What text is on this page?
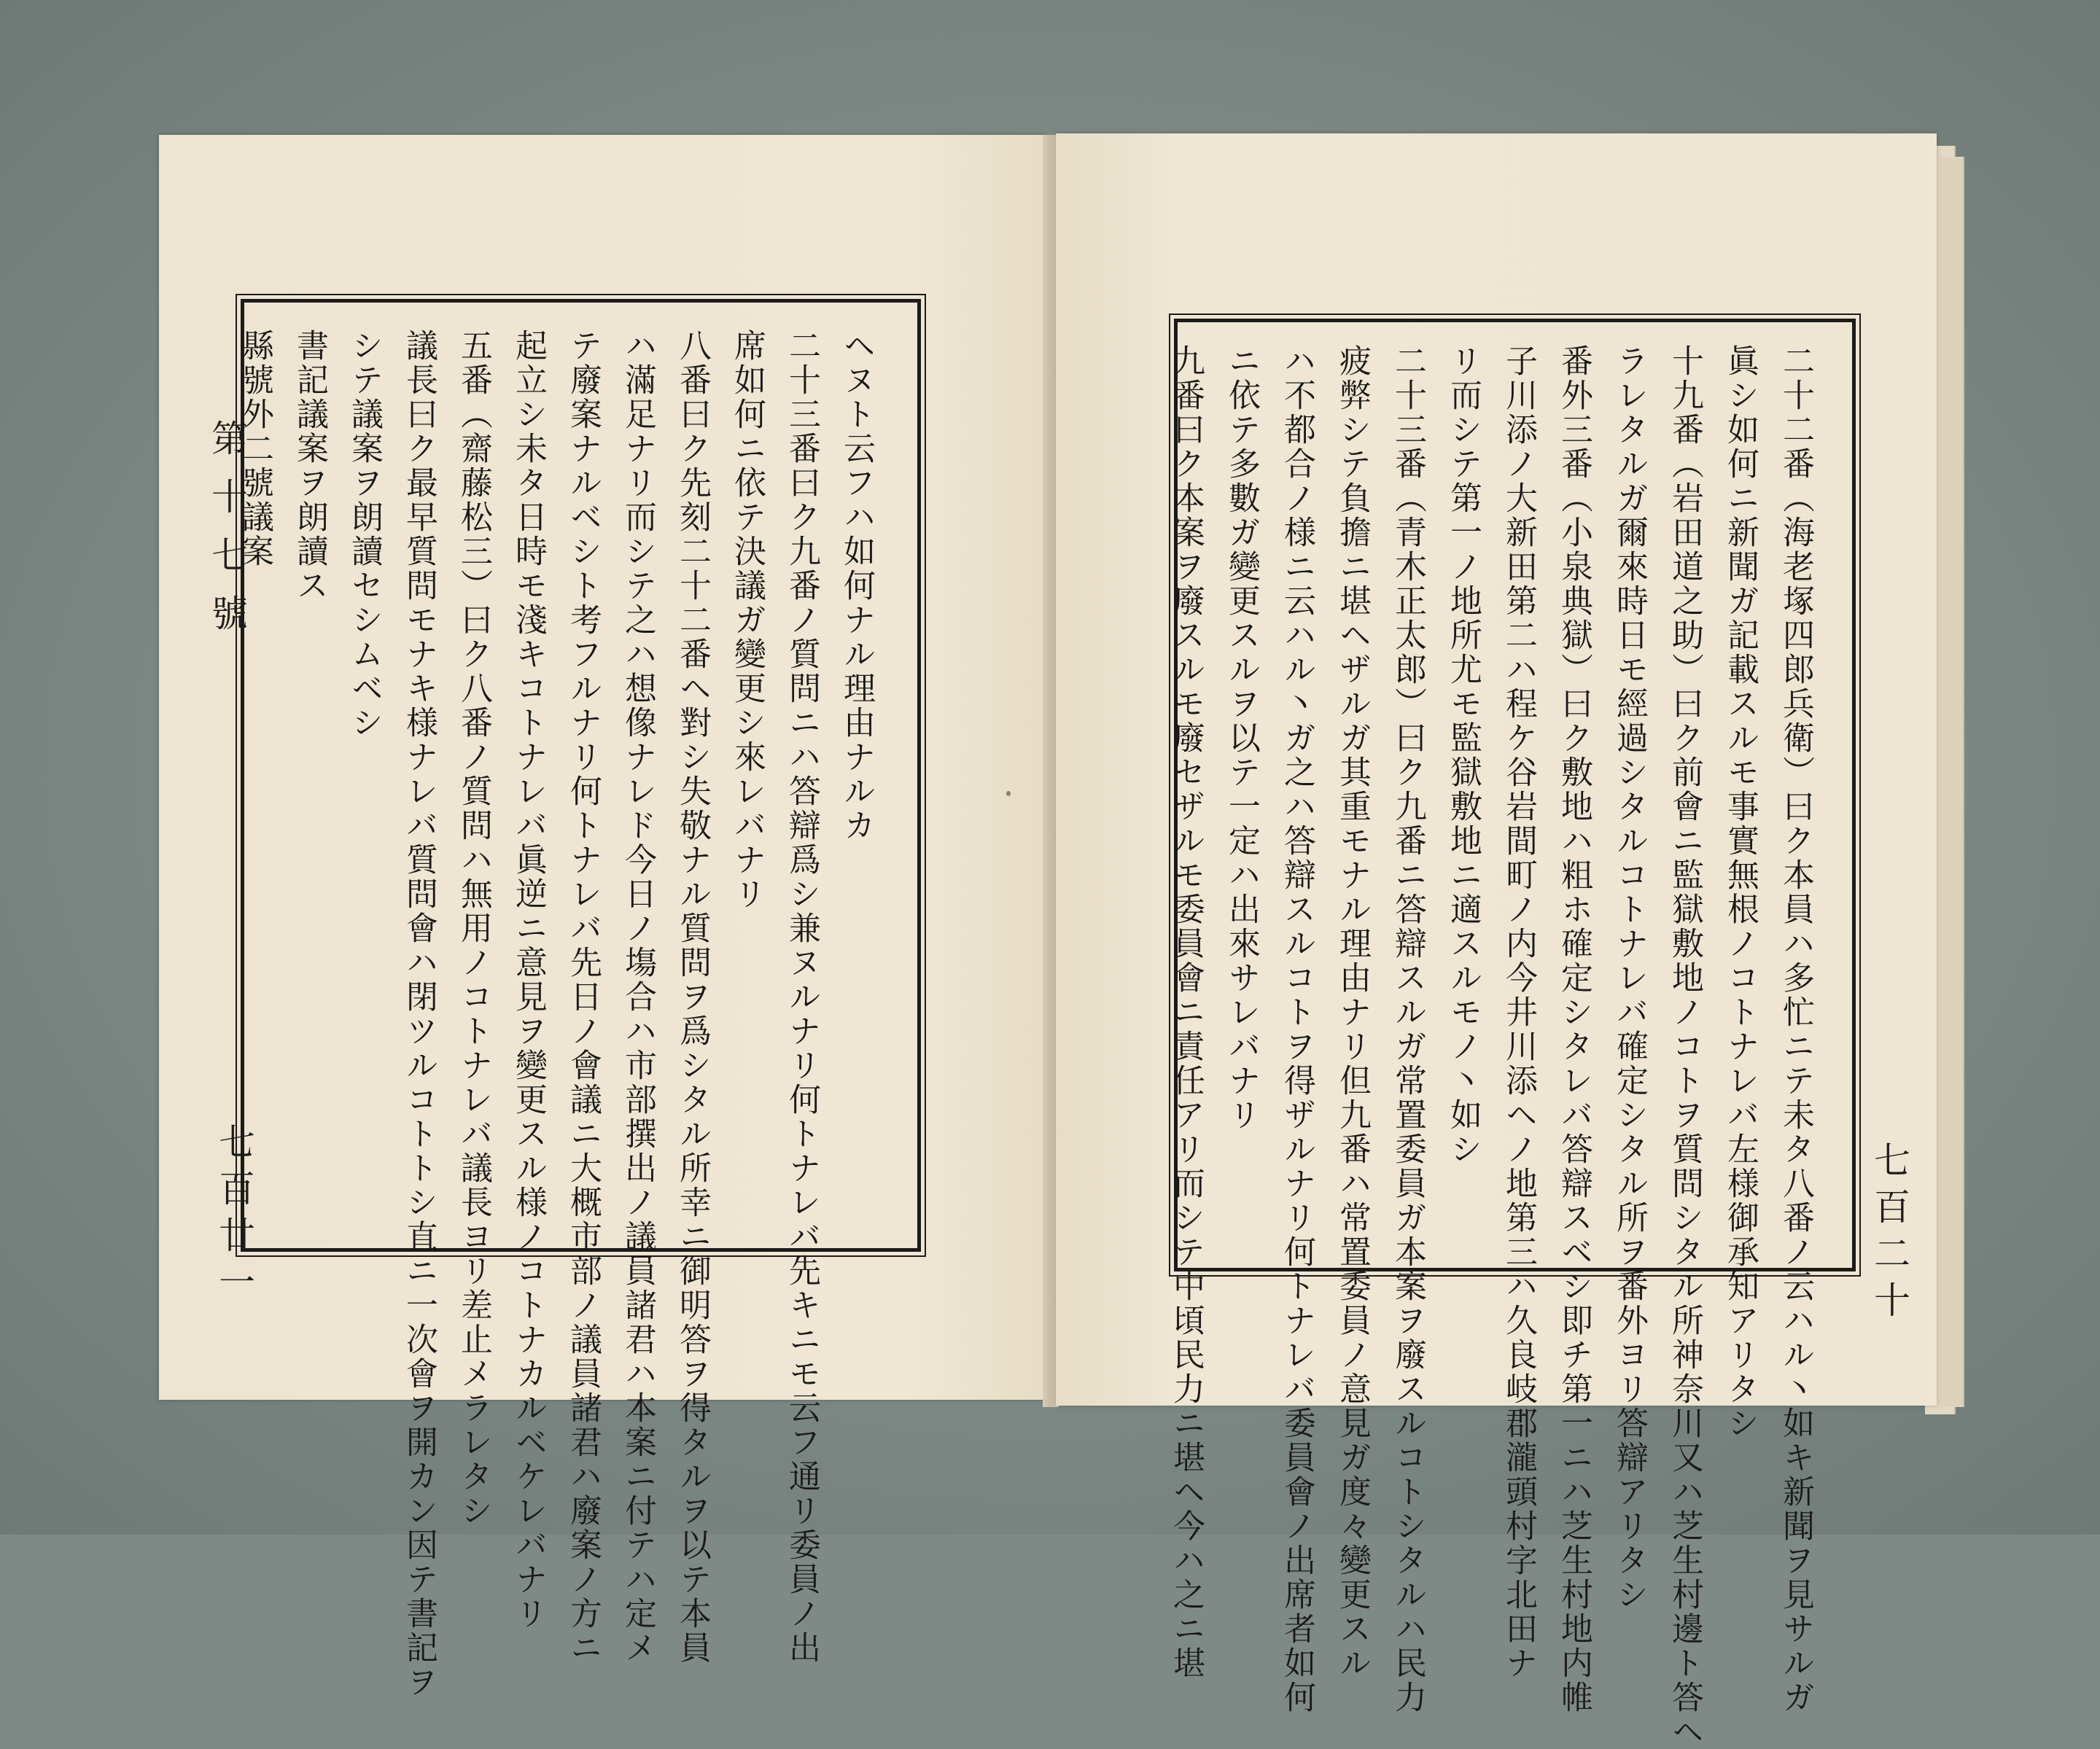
第十七號
七百廿一
ヘヌト云フハ如何ナル理由ナルカ
二十三番曰ク九番ノ質問ニハ答辯爲シ兼ヌルナリ何トナレバ先キニモ云フ通リ委員ノ出
席如何ニ依テ決議ガ變更シ來レバナリ
八番曰ク先刻二十二番ヘ對シ失敬ナル質問ヲ爲シタル所幸ニ御明答ヲ得タルヲ以テ本員
ハ滿足ナリ而シテ之ハ想像ナレド今日ノ塲合ハ市部撰出ノ議員諸君ハ本案ニ付テハ定メ
テ廢案ナルベシト考フルナリ何トナレバ先日ノ會議ニ大概市部ノ議員諸君ハ廢案ノ方ニ
起立シ未タ日時モ淺キコトナレバ眞逆ニ意見ヲ變更スル様ノコトナカルベケレバナリ
五番（齋藤松三）曰ク八番ノ質問ハ無用ノコトナレバ議長ヨリ差止メラレタシ
議長曰ク最早質問モナキ様ナレバ質問會ハ閉ツルコトトシ直ニ一次會ヲ開カン因テ書記ヲ
シテ議案ヲ朗讀セシムベシ
書記議案ヲ朗讀ス
縣號外二號議案	二十二番（海老塚四郎兵衛）曰ク本員ハ多忙ニテ未タ八番ノ云ハル丶如キ新聞ヲ見サルガ
眞シ如何ニ新聞ガ記載スルモ事實無根ノコトナレバ左様御承知アリタシ
十九番（岩田道之助）曰ク前會ニ監獄敷地ノコトヲ質問シタル所神奈川又ハ芝生村邊ト答ヘ
ラレタルガ爾來時日モ經過シタルコトナレバ確定シタル所ヲ番外ヨリ答辯アリタシ
番外三番（小泉典獄）曰ク敷地ハ粗ホ確定シタレバ答辯スベシ即チ第一ニハ芝生村地内帷
子川添ノ大新田第二ハ程ケ谷岩間町ノ内今井川添ヘノ地第三ハ久良岐郡瀧頭村字北田ナ
リ而シテ第一ノ地所尤モ監獄敷地ニ適スルモノ丶如シ
二十三番（青木正太郎）曰ク九番ニ答辯スルガ常置委員ガ本案ヲ廢スルコトシタルハ民力
疲弊シテ負擔ニ堪ヘザルガ其重モナル理由ナリ但九番ハ常置委員ノ意見ガ度々變更スル
ハ不都合ノ様ニ云ハル丶ガ之ハ答辯スルコトヲ得ザルナリ何トナレバ委員會ノ出席者如何
ニ依テ多數ガ變更スルヲ以テ一定ハ出來サレバナリ
九番曰ク本案ヲ廢スルモ廢セザルモ委員會ニ責任アリ而シテ中頃民力ニ堪ヘ今ハ之ニ堪	七百二十
